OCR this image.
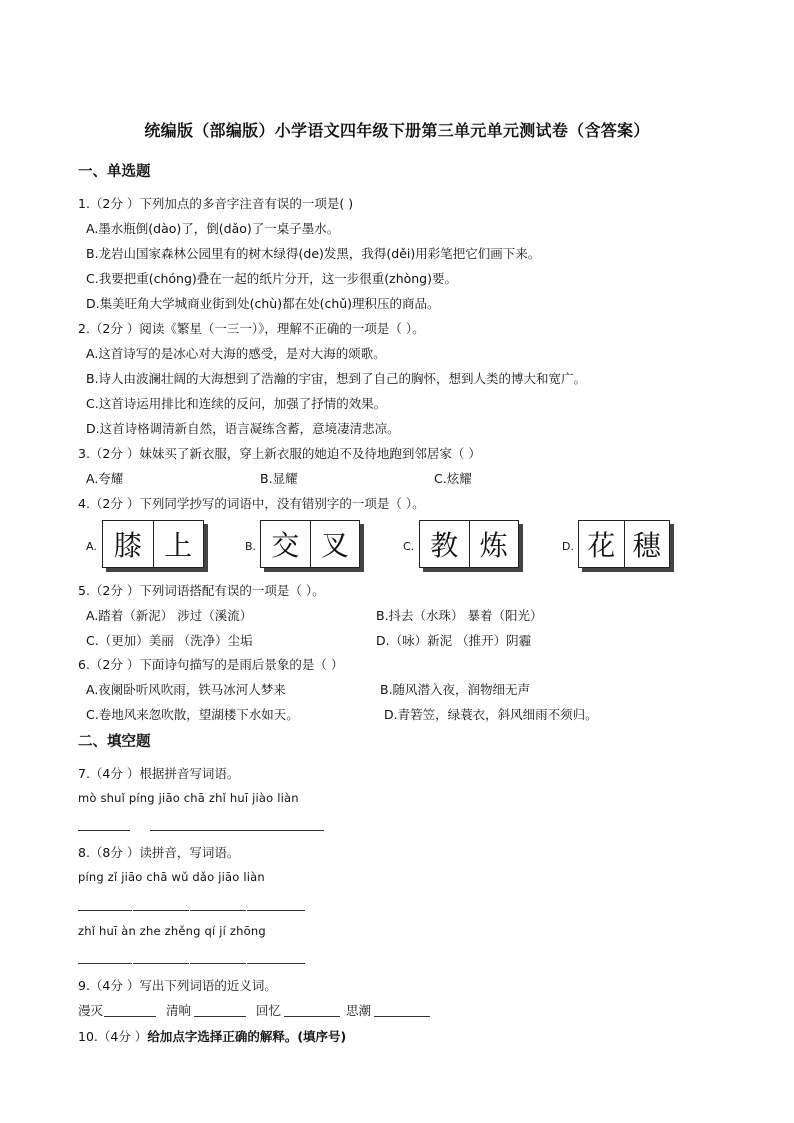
统编版（部编版）小学语文四年级下册第三单元单元测试卷（含答案）
一、单选题
1.（2分 ）下列加点的多音字注音有误的一项是( )
A.墨水瓶倒(dào)了，倒(dǎo)了一桌子墨水。
B.龙岩山国家森林公园里有的树木绿得(de)发黑，我得(děi)用彩笔把它们画下来。
C.我要把重(chóng)叠在一起的纸片分开，这一步很重(zhòng)要。
D.集美旺角大学城商业街到处(chù)都在处(chǔ)理积压的商品。
2.（2分 ）阅读《繁星（一三一）》，理解不正确的一项是（ ）。
A.这首诗写的是冰心对大海的感受，是对大海的颂歌。
B.诗人由波澜壮阔的大海想到了浩瀚的宇宙，想到了自己的胸怀，想到人类的博大和宽广。
C.这首诗运用排比和连续的反问，加强了抒情的效果。
D.这首诗格调清新自然，语言凝练含蓄，意境凄清悲凉。
3.（2分 ）妹妹买了新衣服，穿上新衣服的她迫不及待地跑到邻居家（ ）
A.夸耀	B.显耀	C.炫耀
4.（2分 ）下列同学抄写的词语中，没有错别字的一项是（ ）。
A. 膝 上	B. 交 叉	C. 教 炼	D. 花 穗
5.（2分 ）下列词语搭配有误的一项是（ ）。
A.踏着（新泥） 涉过（溪流）	B.抖去（水珠） 暴着（阳光）
C.（更加）美丽 （洗净）尘垢	D.（咏）新泥 （推开）阴霾
6.（2分 ）下面诗句描写的是雨后景象的是（ ）
A.夜阑卧听风吹雨，铁马冰河人梦来	B.随风潜入夜，润物细无声
C.卷地风来忽吹散，望湖楼下水如天。	D.青箬笠，绿蓑衣，斜风细雨不须归。
二、填空题
7.（4分 ）根据拼音写词语。
mò shuǐ píng jiāo chā zhǐ huī jiào liàn
8.（8分 ）读拼音，写词语。
píng zǐ jiāo chā wǔ dǎo jiāo liàn
zhǐ huī àn zhe zhěng qí jí zhōng
9.（4分 ）写出下列词语的近义词。
漫灭	清响	回忆	思潮
10.（4分 ）给加点字选择正确的解释。(填序号)
